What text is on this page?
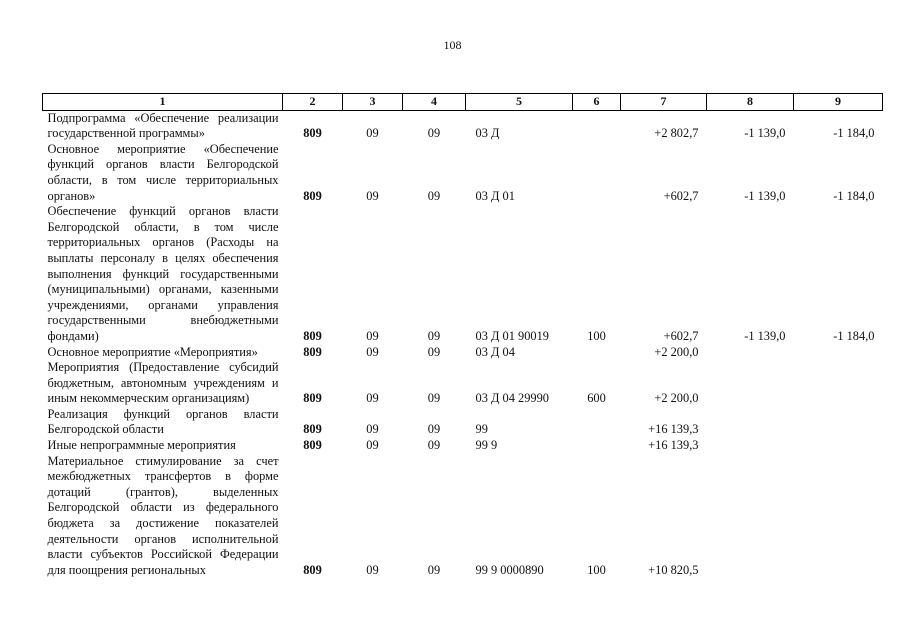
108
1	2	3	4	5	6	7	8	9
Подпрограмма «Обеспечение реализации государственной программы»	809	09	09	03 Д		+2 802,7	-1 139,0	-1 184,0
Основное мероприятие «Обеспечение функций органов власти Белгородской области, в том числе территориальных органов»	809	09	09	03 Д 01		+602,7	-1 139,0	-1 184,0
Обеспечение функций органов власти Белгородской области, в том числе территориальных органов (Расходы на выплаты персоналу в целях обеспечения выполнения функций государственными (муниципальными) органами, казенными учреждениями, органами управления государственными внебюджетными фондами)	809	09	09	03 Д 01 90019	100	+602,7	-1 139,0	-1 184,0
Основное мероприятие «Мероприятия»	809	09	09	03 Д 04		+2 200,0		
Мероприятия (Предоставление субсидий бюджетным, автономным учреждениям и иным некоммерческим организациям)	809	09	09	03 Д 04 29990	600	+2 200,0		
Реализация функций органов власти Белгородской области	809	09	09	99		+16 139,3		
Иные непрограммные мероприятия	809	09	09	99 9		+16 139,3		
Материальное стимулирование за счет межбюджетных трансфертов в форме дотаций (грантов), выделенных Белгородской области из федерального бюджета за достижение показателей деятельности органов исполнительной власти субъектов Российской Федерации для поощрения региональных	809	09	09	99 9 0000890	100	+10 820,5		
